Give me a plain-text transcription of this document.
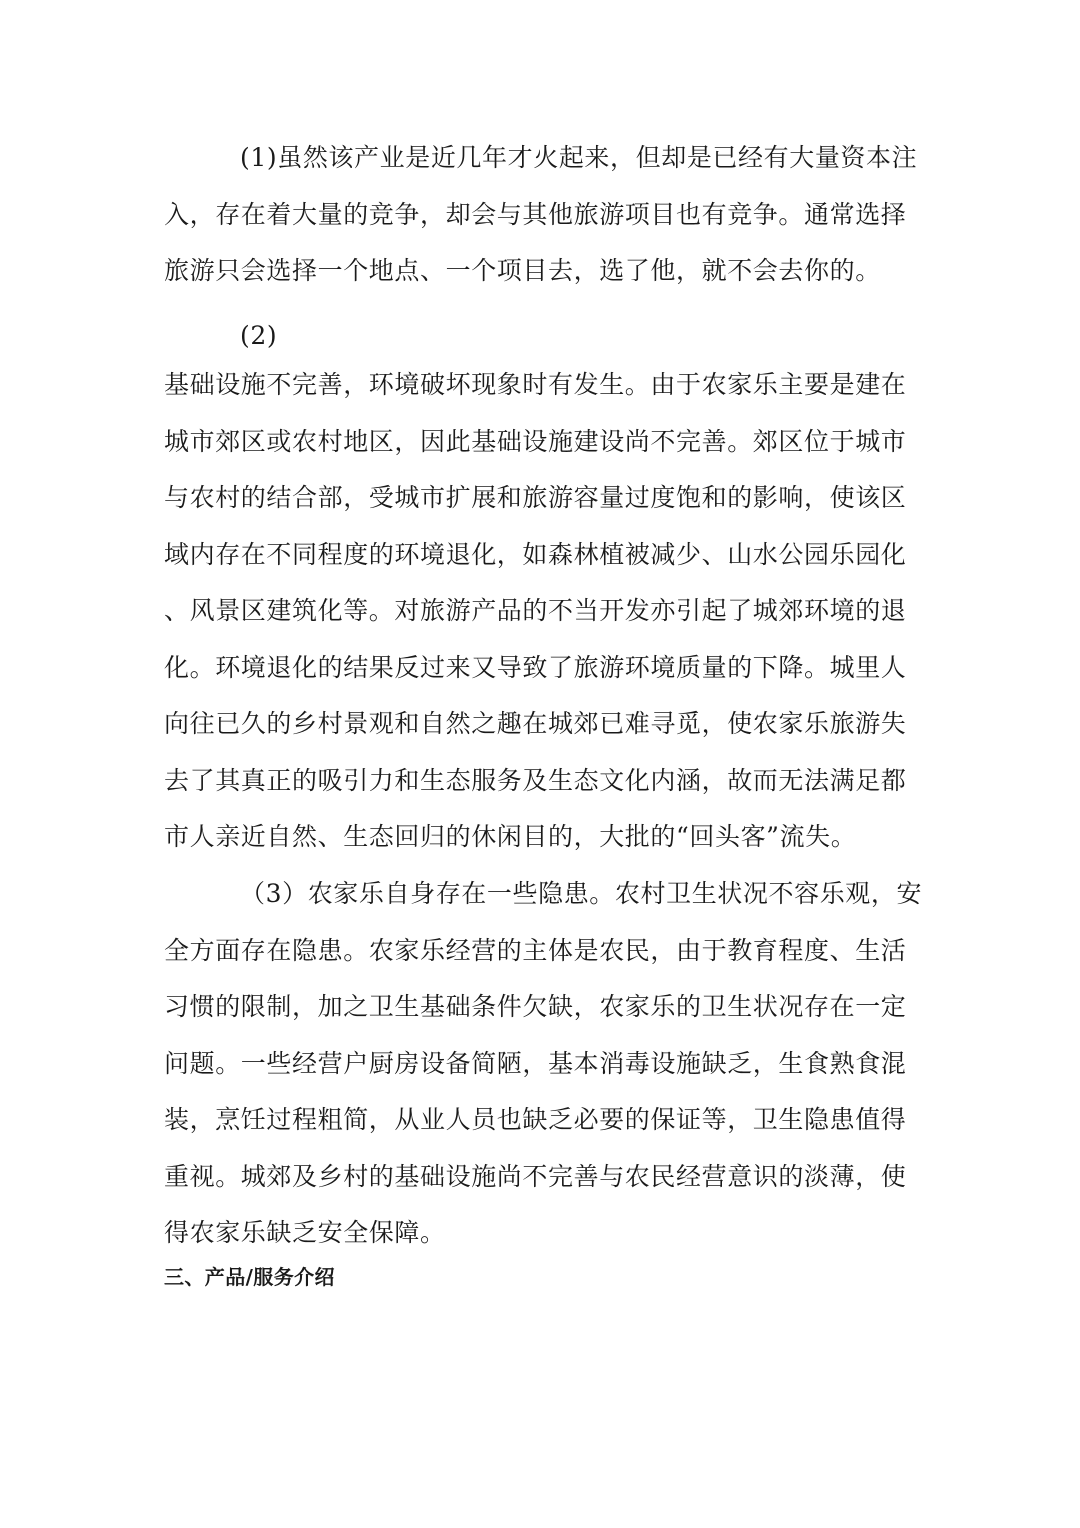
(1)虽然该产业是近几年才火起来，但却是已经有大量资本注
入，存在着大量的竞争，却会与其他旅游项目也有竞争。通常选择
旅游只会选择一个地点、一个项目去，选了他，就不会去你的。

(2)

基础设施不完善，环境破坏现象时有发生。由于农家乐主要是建在
城市郊区或农村地区，因此基础设施建设尚不完善。郊区位于城市
与农村的结合部，受城市扩展和旅游容量过度饱和的影响，使该区
域内存在不同程度的环境退化，如森林植被减少、山水公园乐园化
、风景区建筑化等。对旅游产品的不当开发亦引起了城郊环境的退
化。环境退化的结果反过来又导致了旅游环境质量的下降。城里人
向往已久的乡村景观和自然之趣在城郊已难寻觅，使农家乐旅游失
去了其真正的吸引力和生态服务及生态文化内涵，故而无法满足都
市人亲近自然、生态回归的休闲目的，大批的“回头客”流失。

（3）农家乐自身存在一些隐患。农村卫生状况不容乐观，安
全方面存在隐患。农家乐经营的主体是农民，由于教育程度、生活
习惯的限制，加之卫生基础条件欠缺，农家乐的卫生状况存在一定
问题。一些经营户厨房设备简陋，基本消毒设施缺乏，生食熟食混
装，烹饪过程粗简，从业人员也缺乏必要的保证等，卫生隐患值得
重视。城郊及乡村的基础设施尚不完善与农民经营意识的淡薄，使
得农家乐缺乏安全保障。

三、产品/服务介绍
